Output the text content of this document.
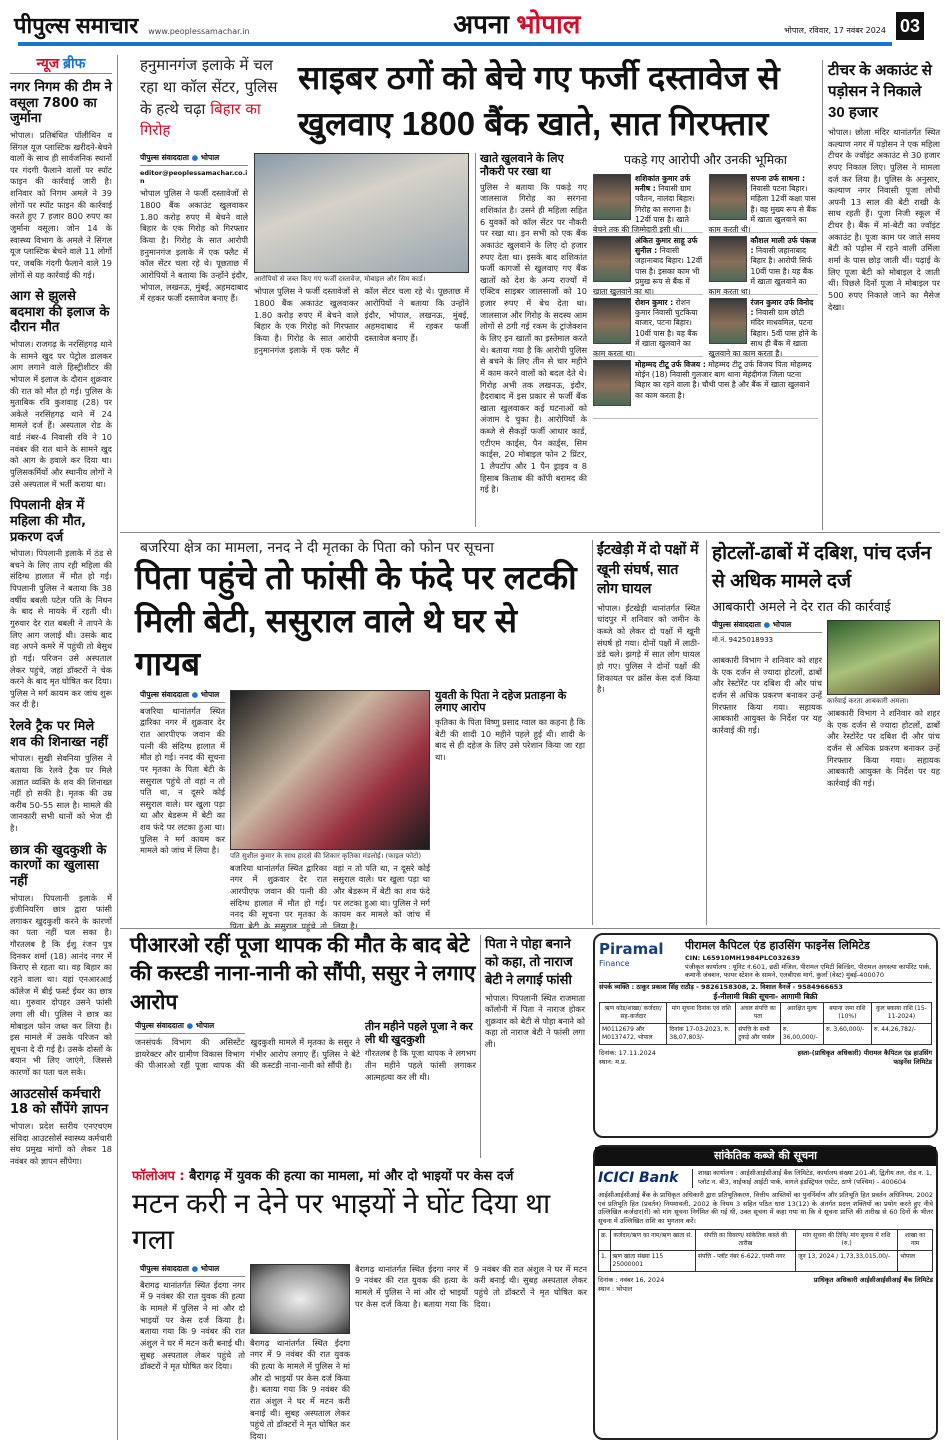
पीपुल्स समाचार www.peoplessamachar.in	अपना भोपाल	भोपाल, रविवार, 17 नवंबर 2024 03
न्यूज ब्रीफ
नगर निगम की टीम ने वसूला 7800 का जुर्माना
भोपाल। प्रतिबंधित पॉलीथिन व सिंगल यूज प्लास्टिक खरीदने-बेचने वालों के साथ ही सार्वजनिक स्थानों पर गंदगी फैलाने वालों पर स्पॉट फाइन की कार्रवाई जारी है। शनिवार को निगम अमले ने 39 लोगों पर स्पॉट फाइन की कार्रवाई करते हुए 7 हजार 800 रुपए का जुर्माना वसूला। जोन 14 के स्वास्थ्य विभाग के अमले ने सिंगल यूज प्लास्टिक बेचने वाले 11 लोगों पर, जबकि गंदगी फैलाने वाले 19 लोगों से यह कार्रवाई की गई।
आग से झुलसे बदमाश की इलाज के दौरान मौत
भोपाल। राजगढ़ के नरसिंहगढ़ थाने के सामने खुद पर पेट्रोल डालकर आग लगाने वाले हिस्ट्रीशीटर की भोपाल में इलाज के दौरान शुक्रवार की रात को मौत हो गई। पुलिस के मुताबिक रवि कुशवाह (28) पर अकेले नरसिंहगढ़ थाने में 24 मामले दर्ज हैं। अस्पताल रोड के वार्ड नंबर-4 निवासी रवि ने 10 नवंबर की रात थाने के सामने खुद को आग के हवाले कर दिया था। पुलिसकर्मियों और स्थानीय लोगों ने उसे अस्पताल में भर्ती कराया था।
पिपलानी क्षेत्र में महिला की मौत, प्रकरण दर्ज
भोपाल। पिपलानी इलाके में ठंड से बचने के लिए ताप रही महिला की संदिग्ध हालात में मौत हो गई। पिपलानी पुलिस ने बताया कि 38 वर्षीय बबली पटेल पति के निधन के बाद से मायके में रहती थी। गुरुवार देर रात बबली ने तापने के लिए आग जलाई थी। उसके बाद वह अपने कमरे में पहुंची तो बेसुध हो गई। परिजन उसे अस्पताल लेकर पहुंचे, जहां डॉक्टरों ने चेक करने के बाद मृत घोषित कर दिया। पुलिस ने मर्ग कायम कर जांच शुरू कर दी है।
रेलवे ट्रैक पर मिले शव की शिनाख्त नहीं
भोपाल। सुखी सेवनिया पुलिस ने बताया कि रेलवे ट्रैक पर मिले अज्ञात व्यक्ति के शव की शिनाख्त नहीं हो सकी है। मृतक की उम्र करीब 50-55 साल है। मामले की जानकारी सभी थानों को भेज दी है।
छात्र की खुदकुशी के कारणों का खुलासा नहीं
भोपाल। पिपलानी इलाके में इंजीनियरिंग छात्र द्वारा फांसी लगाकर खुदकुशी करने के कारणों का पता नहीं चल सका है। गौरतलब है कि ईशु रंजन पुत्र दिनकर शर्मा (18) आनंद नगर में किराए से रहता था। वह बिहार का रहने वाला था। यहां एनआरआई कॉलेज में बीई फर्स्ट ईयर का छात्र था। गुरुवार दोपहर उसने फांसी लगा ली थी। पुलिस ने छात्र का मोबाइल फोन जब्त कर लिया है। इस मामले में उसके परिजन को सूचना दे दी गई है। उसके दोस्तों के बयान भी लिए जाएंगे, जिससे कारणों का पता चल सके।
आउटसोर्स कर्मचारी 18 को सौंपेंगे ज्ञापन
भोपाल। प्रदेश स्तरीय एनएचएम संविदा आउटसोर्स स्वास्थ्य कर्मचारी संघ प्रमुख मांगों को लेकर 18 नवंबर को ज्ञापन सौंपेगा।
हनुमानगंज इलाके में चल रहा था कॉल सेंटर, पुलिस के हत्थे चढ़ा बिहार का गिरोह
साइबर ठगों को बेचे गए फर्जी दस्तावेज से खुलवाए 1800 बैंक खाते, सात गिरफ्तार
पीपुल्स संवाददाता ● भोपाल
editor@peoplessamachar.co.in
भोपाल पुलिस ने फर्जी दस्तावेजों से 1800 बैंक अकाउंट खुलवाकर 1.80 करोड़ रुपए में बेचने वाले बिहार के एक गिरोह को गिरफ्तार किया है। गिरोह के सात आरोपी हनुमानगंज इलाके में एक फ्लैट में कॉल सेंटर चला रहे थे। पूछताछ में आरोपियों ने बताया कि उन्होंने इंदौर, भोपाल, लखनऊ, मुंबई, अहमदाबाद में रहकर फर्जी दस्तावेज बनाए हैं।
आरोपियों से जब्त किए गए फर्जी दस्तावेज, मोबाइल और सिम कार्ड।
भोपाल पुलिस ने फर्जी दस्तावेजों से 1800 बैंक अकाउंट खुलवाकर 1.80 करोड़ रुपए में बेचने वाले बिहार के एक गिरोह को गिरफ्तार किया है। गिरोह के सात आरोपी हनुमानगंज इलाके में एक फ्लैट में कॉल सेंटर चला रहे थे। पूछताछ में आरोपियों ने बताया कि उन्होंने इंदौर, भोपाल, लखनऊ, मुंबई, अहमदाबाद में रहकर फर्जी दस्तावेज बनाए हैं।
खाते खुलवाने के लिए नौकरी पर रखा था
पुलिस ने बताया कि पकड़े गए जालसाज गिरोह का सरगना शशिकांत है। उसने ही महिला सहित 6 युवकों को कॉल सेंटर पर नौकरी पर रखा था। इन सभी को एक बैंक अकाउंट खुलवाने के लिए दो हजार रुपए देता था। इसके बाद शशिकांत फर्जी कागजों से खुलवाए गए बैंक खातों को देश के अन्य राज्यों में एक्टिव साइबर जालसाजों को 10 हजार रुपए में बेच देता था। जालसाज और गिरोह के सदस्य आम लोगों से ठगी गई रकम के ट्रांजेक्शन के लिए इन खातों का इस्तेमाल करते थे। बताया गया है कि आरोपी पुलिस से बचने के लिए तीन से चार महीने में काम करने वालों को बदल देते थे। गिरोह अभी तक लखनऊ, इंदौर, हैदराबाद में इस प्रकार से फर्जी बैंक खाता खुलवाकर कई घटनाओं को अंजाम दे चुका है। आरोपियों के कब्जे से सैकड़ों फर्जी आधार कार्ड, एटीएम कार्ड्स, पैन कार्ड्स, सिम कार्ड्स, 20 मोबाइल फोन 2 प्रिंटर, 1 लैपटॉप और 1 पैन ड्राइव व 8 हिसाब किताब की कॉपी बरामद की गई है।
पकड़े गए आरोपी और उनकी भूमिका
शशिकांत कुमार उर्फ मनीष : निवासी ग्राम पवैतन, नालंदा बिहार। गिरोह का सरगना है। 12वीं पास है। खाते बेचने तक की जिम्मेदारी इसी थी।
सपना उर्फ साधना : निवासी पटना बिहार। महिला 12वीं कक्षा पास है। वह मुख्य रूप से बैंक में खाता खुलवाने का काम करती थी।
अंकित कुमार साहू उर्फ सुनील : निवासी जहानाबाद बिहार। 12वीं पास है। इसका काम भी प्रमुख रूप से बैंक में खाता खुलवाने का था।
कौशल माली उर्फ पंकज : निवासी जहानाबाद बिहार है। आरोपी सिर्फ 10वीं पास है। यह बैंक में खाता खुलवाने का काम करता था।
रोशन कुमार : रोशन कुमार निवासी चुटकिया बाजार, पटना बिहार। 10वीं पास है। यह बैंक में खाता खुलवाने का काम करता था।
रंजन कुमार उर्फ विनोद : निवासी ग्राम छोटी मंदिर माधवमिल, पटना बिहार। 5वीं पास होने के साथ ही बैंक में खाता खुलवाने का काम करता है।
मोहम्मद टीटू उर्फ विजय : मोहम्मद टीटू उर्फ विजय पिता मोहम्मद मोईन (18) निवासी गुलजार बाग थाना मेहंदीगंज जिला पटना बिहार का रहने वाला है। चौथी पास है और बैंक में खाता खुलवाने का काम करता है।
टीचर के अकाउंट से पड़ोसन ने निकाले 30 हजार
भोपाल। छोला मंदिर थानांतर्गत स्थित कल्याण नगर में पड़ोसन ने एक महिला टीचर के ज्वॉइंट अकाउंट से 30 हजार रुपए निकाल लिए। पुलिस ने मामला दर्ज कर लिया है। पुलिस के अनुसार, कल्याण नगर निवासी पूजा लोधी अपनी 13 साल की बेटी राखी के साथ रहती हैं। पूजा निजी स्कूल में टीचर है। बैंक में मां-बेटी का ज्वॉइंट अकाउंट है। पूजा काम पर जाते समय बेटी को पड़ोस में रहने वाली उर्मिला शर्मा के पास छोड़ जाती थीं। पढ़ाई के लिए पूजा बेटी को मोबाइल दे जाती थीं। पिछले दिनों पूजा ने मोबाइल पर 500 रुपए निकाले जाने का मैसेज देखा।
बजरिया क्षेत्र का मामला, ननद ने दी मृतका के पिता को फोन पर सूचना
पिता पहुंचे तो फांसी के फंदे पर लटकी मिली बेटी, ससुराल वाले थे घर से गायब
पीपुल्स संवाददाता ● भोपाल
बजरिया थानांतर्गत स्थित द्वारिका नगर में शुक्रवार देर रात आरपीएफ जवान की पत्नी की संदिग्ध हालात में मौत हो गई। ननद की सूचना पर मृतका के पिता बेटी के ससुराल पहुंचे तो वहां न तो पति था, न दूसरे कोई ससुराल वाले। घर खुला पड़ा था और बेडरूम में बेटी का शव फंदे पर लटका हुआ था। पुलिस ने मर्ग कायम कर मामले को जांच में लिया है।
पति सुशील कुमार के साथ हादसे की शिकार कृतिका मंडलोई। (फाइल फोटो)
बजरिया थानांतर्गत स्थित द्वारिका नगर में शुक्रवार देर रात आरपीएफ जवान की पत्नी की संदिग्ध हालात में मौत हो गई। ननद की सूचना पर मृतका के पिता बेटी के ससुराल पहुंचे तो वहां न तो पति था, न दूसरे कोई ससुराल वाले। घर खुला पड़ा था और बेडरूम में बेटी का शव फंदे पर लटका हुआ था। पुलिस ने मर्ग कायम कर मामले को जांच में लिया है।
युवती के पिता ने दहेज प्रताड़ना के लगाए आरोप
कृतिका के पिता विष्णु प्रसाद ग्वाल का कहना है कि बेटी की शादी 10 महीने पहले हुई थी। शादी के बाद से ही दहेज के लिए उसे परेशान किया जा रहा था।
ईंटखेड़ी में दो पक्षों में खूनी संघर्ष, सात लोग घायल
भोपाल। ईंटखेड़ी थानांतर्गत स्थित चांदपुर में शनिवार को जमीन के कब्जे को लेकर दो पक्षों में खूनी संघर्ष हो गया। दोनों पक्षों में लाठी-डंडे चले। झगड़े में सात लोग घायल हो गए। पुलिस ने दोनों पक्षों की शिकायत पर क्रॉस केस दर्ज किया है।
होटलों-ढाबों में दबिश, पांच दर्जन से अधिक मामले दर्ज
आबकारी अमले ने देर रात की कार्रवाई
पीपुल्स संवाददाता ● भोपाल
मो.नं. 9425018933
आबकारी विभाग ने शनिवार को शहर के एक दर्जन से ज्यादा होटलों, ढाबों और रेस्टोरेंट पर दबिश दी और पांच दर्जन से अधिक प्रकरण बनाकर उन्हें गिरफ्तार किया गया। सहायक आबकारी आयुक्त के निर्देश पर यह कार्रवाई की गई।
कार्रवाई करता आबकारी अमला।
आबकारी विभाग ने शनिवार को शहर के एक दर्जन से ज्यादा होटलों, ढाबों और रेस्टोरेंट पर दबिश दी और पांच दर्जन से अधिक प्रकरण बनाकर उन्हें गिरफ्तार किया गया। सहायक आबकारी आयुक्त के निर्देश पर यह कार्रवाई की गई।
पीआरओ रहीं पूजा थापक की मौत के बाद बेटे की कस्टडी नाना-नानी को सौंपी, ससुर ने लगाए आरोप
पीपुल्स संवाददाता ● भोपाल
जनसंपर्क विभाग की असिस्टेंट डायरेक्टर और ग्रामीण विकास विभाग की पीआरओ रहीं पूजा थापक की खुदकुशी मामले में मृतका के ससुर ने गंभीर आरोप लगाए हैं। पुलिस ने बेटे की कस्टडी नाना-नानी को सौंपी है।
तीन महीने पहले पूजा ने कर ली थी खुदकुशी
गौरतलब है कि पूजा थापक ने लगभग तीन महीने पहले फांसी लगाकर आत्महत्या कर ली थी।
पिता ने पोहा बनाने को कहा, तो नाराज बेटी ने लगाई फांसी
भोपाल। पिपलानी स्थित राजमाता कॉलोनी में पिता ने नाराज होकर शुक्रवार को बेटी से पोहा बनाने को कहा तो नाराज बेटी ने फांसी लगा ली।
फॉलोअप : बैरागढ़ में युवक की हत्या का मामला, मां और दो भाइयों पर केस दर्ज
मटन करी न देने पर भाइयों ने घोंट दिया था गला
पीपुल्स संवाददाता ● भोपाल
बैरागढ़ थानांतर्गत स्थित ईदगा नगर में 9 नवंबर की रात युवक की हत्या के मामले में पुलिस ने मां और दो भाइयों पर केस दर्ज किया है। बताया गया कि 9 नवंबर की रात अंशुल ने घर में मटन करी बनाई थी। सुबह अस्पताल लेकर पहुंचे तो डॉक्टरों ने मृत घोषित कर दिया।
बैरागढ़ थानांतर्गत स्थित ईदगा नगर में 9 नवंबर की रात युवक की हत्या के मामले में पुलिस ने मां और दो भाइयों पर केस दर्ज किया है। बताया गया कि 9 नवंबर की रात अंशुल ने घर में मटन करी बनाई थी। सुबह अस्पताल लेकर पहुंचे तो डॉक्टरों ने मृत घोषित कर दिया।
बैरागढ़ थानांतर्गत स्थित ईदगा नगर में 9 नवंबर की रात युवक की हत्या के मामले में पुलिस ने मां और दो भाइयों पर केस दर्ज किया है। बताया गया कि 9 नवंबर की रात अंशुल ने घर में मटन करी बनाई थी। सुबह अस्पताल लेकर पहुंचे तो डॉक्टरों ने मृत घोषित कर दिया।
Piramal
Finance
पीरामल कैपिटल एंड हाउसिंग फाइनेंस लिमिटेड
CIN: L65910MH1984PLC032639
पंजीकृत कार्यालय : यूनिट नं.601, छठी मंजिल, पीरामल एमिटी बिल्डिंग, पीरामल अगस्त्या कार्पोरेट पार्क, कमानी जंक्शन, फायर स्टेशन के सामने, एलबीएस मार्ग, कुर्ला (वेस्ट) मुंबई-400070
संपर्क व्यक्ति : ठाकुर प्रकाश सिंह राठौड़ - 9826158308, 2. विशाल वैनर्जे - 9584966653
ई-नीलामी बिक्री सूचना- आगामी बिक्री
ऋण कोड/शाखा/ कर्जदार/सह-कर्जदार	मांग सूचना दिनांक एवं राशि	अचल संपत्ति का पता	आरक्षित मूल्य	बयाना जमा राशि (10%)	कुल बकाया राशि (15-11-2024)
M0112679 और M0137472, भोपाल	दिनांक 17-03-2023, रु. 38,07,803/-	संपत्ति के सभी टुकड़े और पार्सल	रु. 36,00,000/-	रु. 3,60,000/-	रु. 44,26,782/-
दिनांक: 17.11.2024
स्थान: म.प्र.
हस्ता-(प्राधिकृत अधिकारी) पीरामल कैपिटल एंड हाउसिंग फाइनेंस लिमिटेड
सांकेतिक कब्जे की सूचना
ICICI Bank	शाखा कार्यालय : आईसीआईसीआई बैंक लिमिटेड, कार्यालय संख्या 201-बी, द्वितीय तल, रोड न. 1, प्लॉट न. बी3, वाईफाई आईटी पार्क, वागले इंडस्ट्रियल एस्टेट, ठाणे (पश्चिम) - 400604
आईसीआईसीआई बैंक के प्राधिकृत अधिकारी द्वारा प्रतिभूतिकरण, वित्तीय आस्तियों का पुनर्निर्माण और प्रतिभूति हित प्रवर्तन अधिनियम, 2002 एवं प्रतिभूति हित (प्रवर्तन) नियमावली, 2002 के नियम 3 सहित पठित धारा 13(12) के अंतर्गत प्रदत्त शक्तियों का प्रयोग करते हुए नीचे उल्लिखित कर्जदार(रों) को मांग सूचना निर्गमित की गई थी, उक्त सूचना में कहा गया था कि वे सूचना प्राप्ति की तारीख से 60 दिनों के भीतर सूचना में उल्लिखित राशि का भुगतान करें।
क्र.	कर्जदार/ऋण का नाम/ऋण खाता सं.	संपत्ति का विवरण/ सांकेतिक कब्जे की तारीख	मांग सूचना की तिथि/ मांग सूचना में राशि (रु.)	शाखा का नाम
1.	ऋण खाता संख्या 115 25000001	संपत्ति - प्लॉट नंबर 6-622, एमपी नगर	जून 13, 2024 / 1,73,33,015.00/-	भोपाल
दिनांक : नवंबर 16, 2024
स्थान : भोपाल
प्राधिकृत अधिकारी आईसीआईसीआई बैंक लिमिटेड
